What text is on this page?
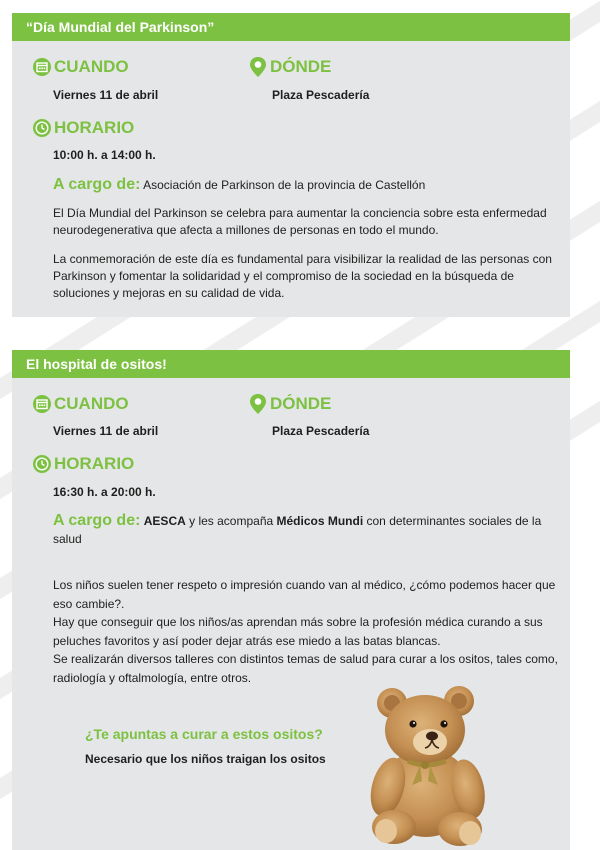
“Día Mundial del Parkinson”
CUANDO
Viernes 11 de abril
DÓNDE
Plaza Pescadería
HORARIO
10:00 h. a 14:00 h.
A cargo de: Asociación de Parkinson de la provincia de Castellón

El Día Mundial del Parkinson se celebra para aumentar la conciencia sobre esta enfermedad neurodegenerativa que afecta a millones de personas en todo el mundo.

La conmemoración de este día es fundamental para visibilizar la realidad de las personas con Parkinson y fomentar la solidaridad y el compromiso de la sociedad en la búsqueda de soluciones y mejoras en su calidad de vida.

El hospital de ositos!
CUANDO
Viernes 11 de abril
DÓNDE
Plaza Pescadería
HORARIO
16:30 h. a 20:00 h.
A cargo de: AESCA y les acompaña Médicos Mundi con determinantes sociales de la salud

Los niños suelen tener respeto o impresión cuando van al médico, ¿cómo podemos hacer que eso cambie?.

Hay que conseguir que los niños/as aprendan más sobre la profesión médica curando a sus peluches favoritos y así poder dejar atrás ese miedo a las batas blancas.

Se realizarán diversos talleres con distintos temas de salud para curar a los ositos, tales como, radiología y oftalmología, entre otros.

¿Te apuntas a curar a estos ositos?
Necesario que los niños traigan los ositos
